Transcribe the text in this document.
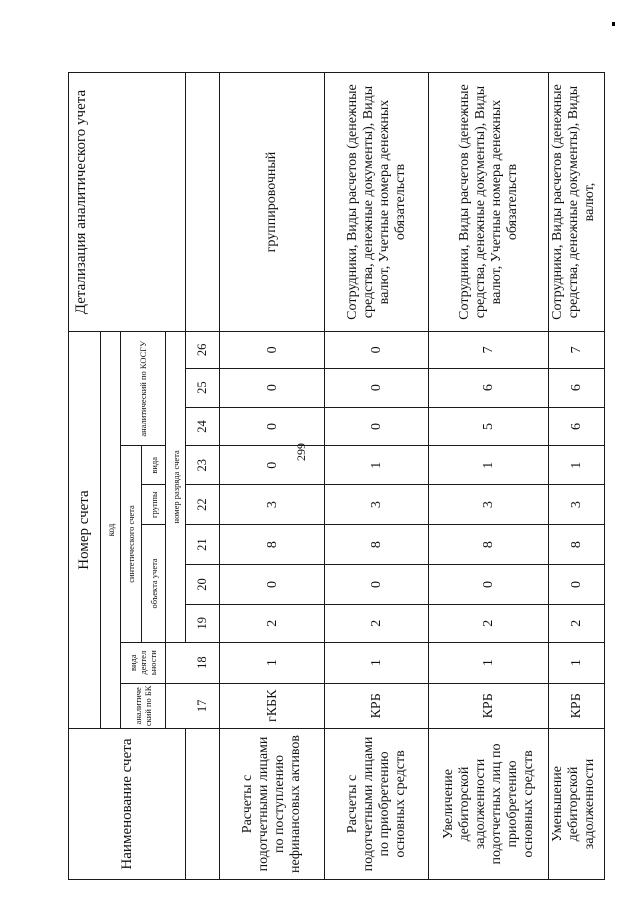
299
Наименование счета	Номер счета										Детализация аналитического учета
	код										
	аналитиче ский по БК	вида деятел ьности	синтетического счета					аналитический по КОСГУ			
			объекта учета			группы	вида				
			номер разряда счета								
	17	18	19	20	21	22	23	24	25	26	
Расчеты с подотчетными лицами по поступлению нефинансовых активов	гКБК	1	2	0	8	3	0	0	0	0	группировочный
Расчеты с подотчетными лицами по приобретению основных средств	КРБ	1	2	0	8	3	1	0	0	0	Сотрудники, Виды расчетов (денежные средства, денежные документы), Виды валют, Учетные номера денежных обязательств
Увеличение дебиторской задолженности подотчетных лиц по приобретению основных средств	КРБ	1	2	0	8	3	1	5	6	7	Сотрудники, Виды расчетов (денежные средства, денежные документы), Виды валют, Учетные номера денежных обязательств
Уменьшение дебиторской задолженности	КРБ	1	2	0	8	3	1	6	6	7	Сотрудники, Виды расчетов (денежные средства, денежные документы), Виды валют,
